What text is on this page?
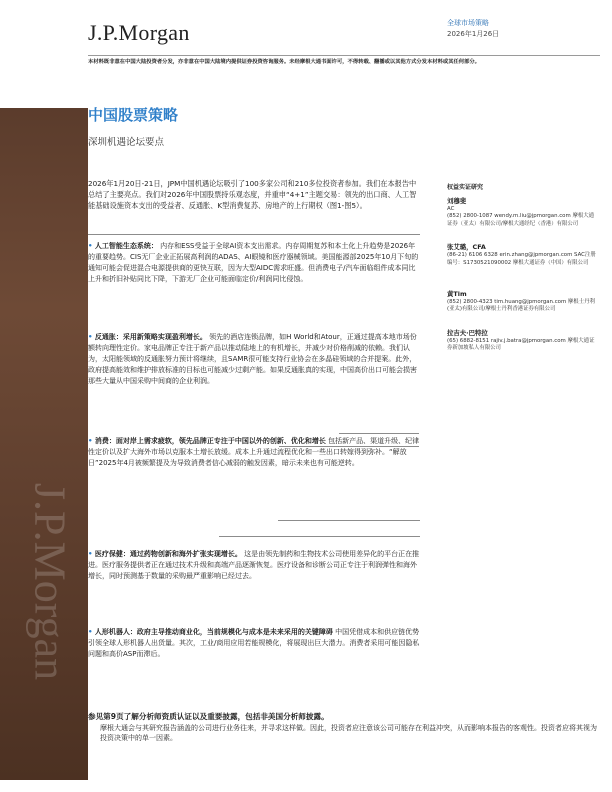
J.P.Morgan	全球市场策略
2026年1月26日
本材料既非意在中国大陆投资者分发，亦非意在中国大陆境内提供证券投资咨询服务。未经摩根大通书面许可，不得转载、翻播或以其他方式分发本材料或其任何部分。
J.P.Morgan
中国股票策略
深圳机遇论坛要点

2026年1月20日-21日，JPM中国机遇论坛吸引了100多家公司和210多位投资者参加。我们在本报告中总结了主要亮点。我们对2026年中国股票持乐观态度，并重申“4+1”主题交易：领先的出口商、人工智能基础设施资本支出的受益者、反通胀、K型消费复苏、房地产的上行期权（图1-图5）。

• 人工智能生态系统： 内存和ESS受益于全球AI资本支出需求。内存周期复苏和本土化上升趋势是2026年的重要趋势。CIS无厂企业正拓展高利润的ADAS、AI眼镜和医疗器械领域。美国能源部2025年10月下旬的通知可能会促进混合电源提供商的更快互联，因为大型AIDC需求旺盛。但消费电子/汽车面临组件成本同比上升和折旧补贴同比下降，下游无厂企业可能面临定价/利润同比侵蚀。

• 反通胀：采用新策略实现盈利增长。 领先的酒店连锁品牌，如H World和Atour，正通过提高本地市场份额转向理性定价。家电品牌正专注于新产品以推动陆地上的有机增长，并减少对价格削减的依赖。我们认为，太阳能领域的反通胀努力预计将继续，且SAMR很可能支持行业协会在多晶硅领域的合并提案。此外，政府提高能效和维护排放标准的目标也可能减少过剩产能。如果反通胀真的实现，中国高价出口可能会损害那些大量从中国采购中间商的企业利润。

• 消费：面对岸上需求疲软，领先品牌正专注于中国以外的创新、优化和增长 包括新产品、渠道升级、纪律性定价以及扩大海外市场以克服本土增长放缓。成本上升通过流程优化和一些出口转嫁得到弥补。“解放日”2025年4月被频繁提及为导致消费者信心减弱的触发因素，暗示未来也有可能逆转。

• 医疗保健：通过药物创新和海外扩张实现增长。 这是由领先制药和生物技术公司使用差异化的平台正在推进。医疗服务提供者正在通过技术升级和高端产品逐渐恢复。医疗设备和诊断公司正专注于利润弹性和海外增长，同时预测基于数量的采购最严重影响已经过去。

• 人形机器人：政府主导推动商业化，当前规模化与成本是未来采用的关键障碍 中国凭借成本和供应链优势引领全球人形机器人出货量。其次，工业/商用应用若能规模化，将展现出巨大潜力。消费者采用可能因隐私问题和高价ASP而滞后。

权益实证研究
刘穆斐
AC
(852) 2800-1087 wendy.m.liu@jpmorgan.com 摩根大通证券（亚太）有限公司/摩根大通经纪（香港）有限公司
张艾璐，CFA
(86-21) 6106 6328 erin.zhang@jpmorgan.com SAC注册编号：S1730521090002 摩根大通证券（中国）有限公司
黄Tim
(852) 2800-4323 tim.huang@jpmorgan.com 摩根士丹利(亚太)有限公司/摩根士丹利香港证券有限公司
拉吉夫·巴特拉
(65) 6882-8151 rajiv.j.batra@jpmorgan.com 摩根大通证券新加坡私人有限公司
参见第9页了解分析师资质认证以及重要披露，包括非美国分析师披露。
摩根大通会与其研究报告涵盖的公司进行业务往来，并寻求这样做。因此，投资者应注意该公司可能存在利益冲突，从而影响本报告的客观性。投资者应将其视为投资决策中的单一因素。
